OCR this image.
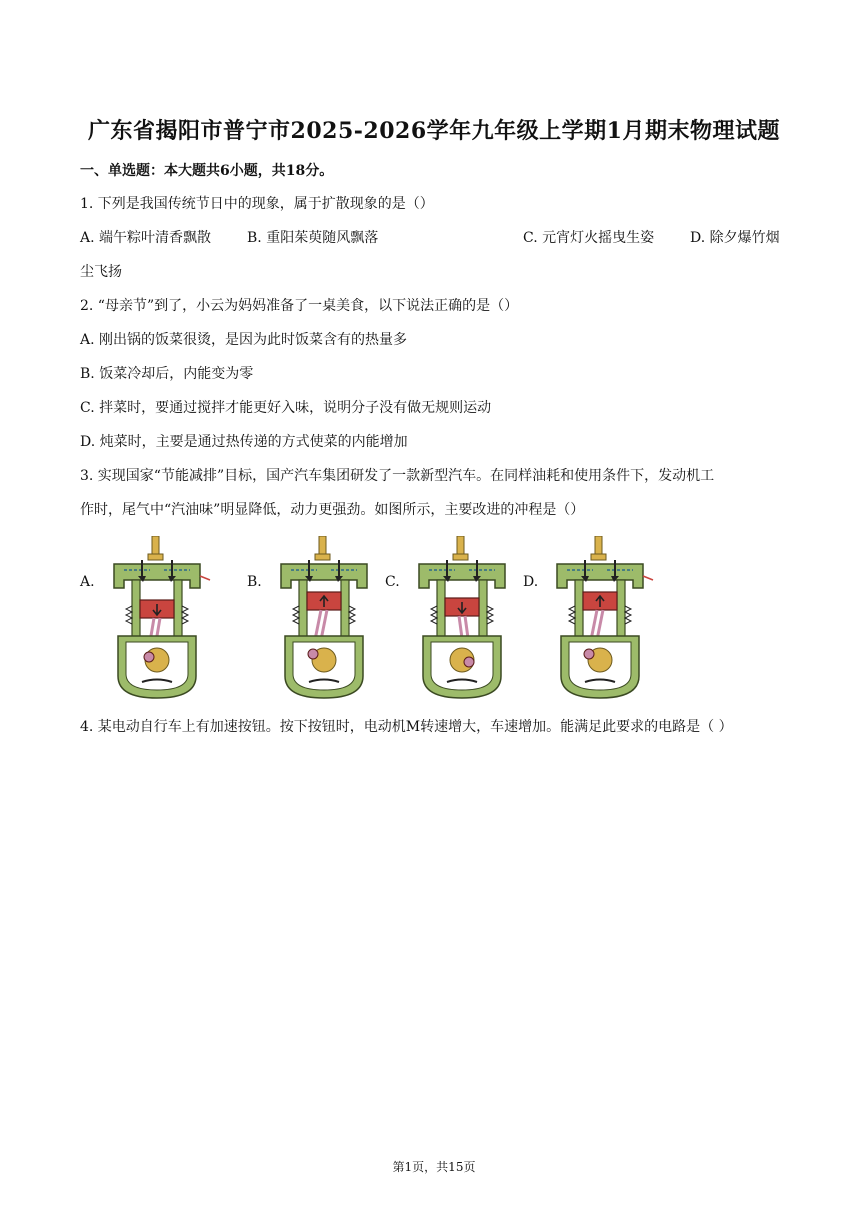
广东省揭阳市普宁市2025-2026学年九年级上学期1月期末物理试题
一、单选题：本大题共6小题，共18分。
1. 下列是我国传统节日中的现象，属于扩散现象的是（）
A. 端午粽叶清香飘散	B. 重阳茱萸随风飘落	C. 元宵灯火摇曳生姿	D. 除夕爆竹烟
尘飞扬
2. “母亲节”到了，小云为妈妈准备了一桌美食，以下说法正确的是（）
A. 刚出锅的饭菜很烫，是因为此时饭菜含有的热量多
B. 饭菜冷却后，内能变为零
C. 拌菜时，要通过搅拌才能更好入味，说明分子没有做无规则运动
D. 炖菜时，主要是通过热传递的方式使菜的内能增加
3. 实现国家“节能减排”目标，国产汽车集团研发了一款新型汽车。在同样油耗和使用条件下，发动机工
作时，尾气中“汽油味”明显降低，动力更强劲。如图所示，主要改进的冲程是（）
A.	B.	C.	D.
4. 某电动自行车上有加速按钮。按下按钮时，电动机M转速增大，车速增加。能满足此要求的电路是（ ）
第1页，共15页
